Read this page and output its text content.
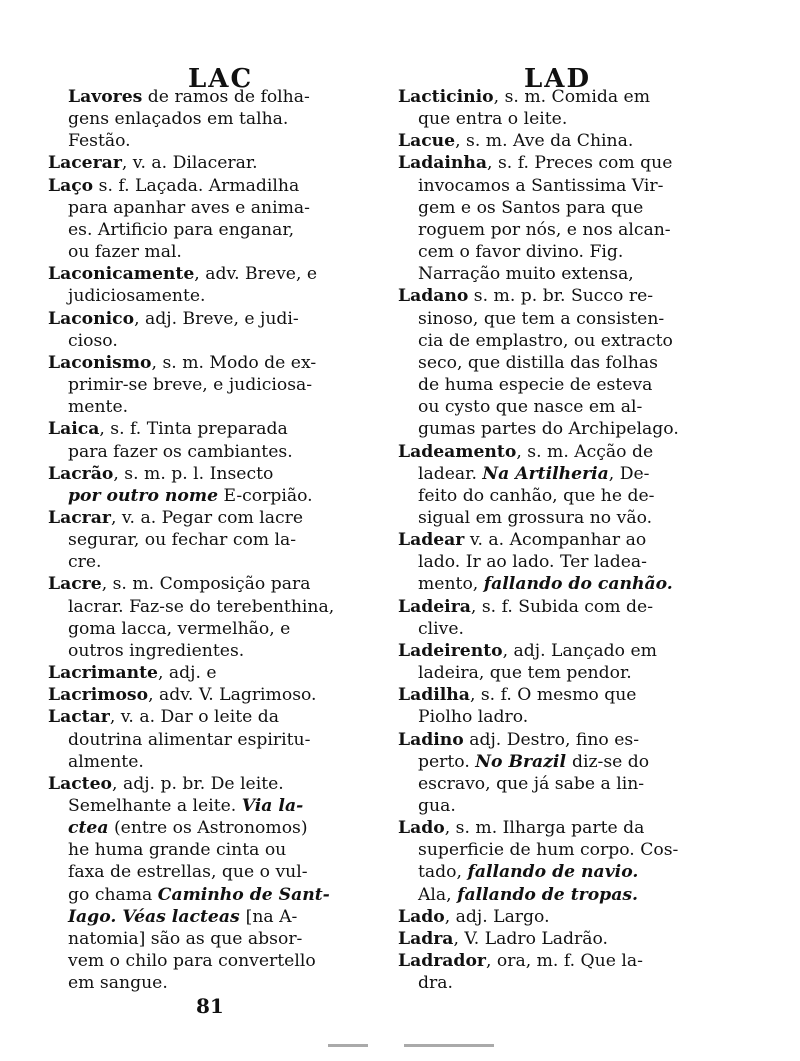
LAC	LAD
Lavores de ramos de folha-
gens enlaçados em talha.
Festão.
Lacerar, v. a. Dilacerar.
Laço s. f. Laçada. Armadilha
para apanhar aves e anima-
es. Artificio para enganar,
ou fazer mal.
Laconicamente, adv. Breve, e
judiciosamente.
Laconico, adj. Breve, e judi-
cioso.
Laconismo, s. m. Modo de ex-
primir-se breve, e judiciosa-
mente.
Laica, s. f. Tinta preparada
para fazer os cambiantes.
Lacrão, s. m. p. l. Insecto
por outro nome E-corpião.
Lacrar, v. a. Pegar com lacre
segurar, ou fechar com la-
cre.
Lacre, s. m. Composição para
lacrar. Faz-se do terebenthina,
goma lacca, vermelhão, e
outros ingredientes.
Lacrimante, adj. e
Lacrimoso, adv. V. Lagrimoso.
Lactar, v. a. Dar o leite da
doutrina alimentar espiritu-
almente.
Lacteo, adj. p. br. De leite.
Semelhante a leite. Via la-
ctea (entre os Astronomos)
he huma grande cinta ou
faxa de estrellas, que o vul-
go chama Caminho de Sant-
Iago. Véas lacteas [na A-
natomia] são as que absor-
vem o chilo para convertello
em sangue.
Lacticinio, s. m. Comida em
que entra o leite.
Lacue, s. m. Ave da China.
Ladainha, s. f. Preces com que
invocamos a Santissima Vir-
gem e os Santos para que
roguem por nós, e nos alcan-
cem o favor divino. Fig.
Narração muito extensa,
Ladano s. m. p. br. Succo re-
sinoso, que tem a consisten-
cia de emplastro, ou extracto
seco, que distilla das folhas
de huma especie de esteva
ou cysto que nasce em al-
gumas partes do Archipelago.
Ladeamento, s. m. Acção de
ladear. Na Artilheria, De-
feito do canhão, que he de-
sigual em grossura no vão.
Ladear v. a. Acompanhar ao
lado. Ir ao lado. Ter ladea-
mento, fallando do canhão.
Ladeira, s. f. Subida com de-
clive.
Ladeirento, adj. Lançado em
ladeira, que tem pendor.
Ladilha, s. f. O mesmo que
Piolho ladro.
Ladino adj. Destro, fino es-
perto. No Brazil diz-se do
escravo, que já sabe a lin-
gua.
Lado, s. m. Ilharga parte da
superficie de hum corpo. Cos-
tado, fallando de navio.
Ala, fallando de tropas.
Lado, adj. Largo.
Ladra, V. Ladro Ladrão.
Ladrador, ora, m. f. Que la-
dra.
81
